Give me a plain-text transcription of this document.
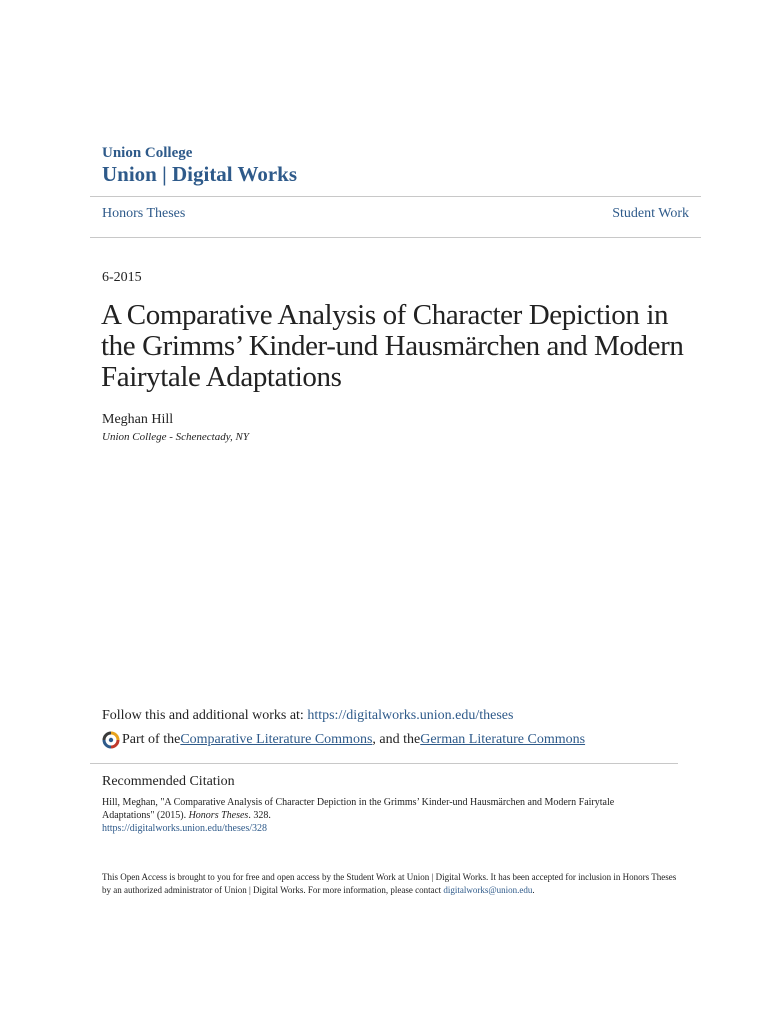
Union College
Union | Digital Works
Honors Theses	Student Work
6-2015
A Comparative Analysis of Character Depiction in the Grimms’ Kinder-und Hausmärchen and Modern Fairytale Adaptations
Meghan Hill
Union College - Schenectady, NY
Follow this and additional works at: https://digitalworks.union.edu/theses
Part of the Comparative Literature Commons , and the German Literature Commons
Recommended Citation
Hill, Meghan, "A Comparative Analysis of Character Depiction in the Grimms’ Kinder-und Hausmärchen and Modern Fairytale Adaptations" (2015). Honors Theses. 328.
https://digitalworks.union.edu/theses/328
This Open Access is brought to you for free and open access by the Student Work at Union | Digital Works. It has been accepted for inclusion in Honors Theses by an authorized administrator of Union | Digital Works. For more information, please contact digitalworks@union.edu.
